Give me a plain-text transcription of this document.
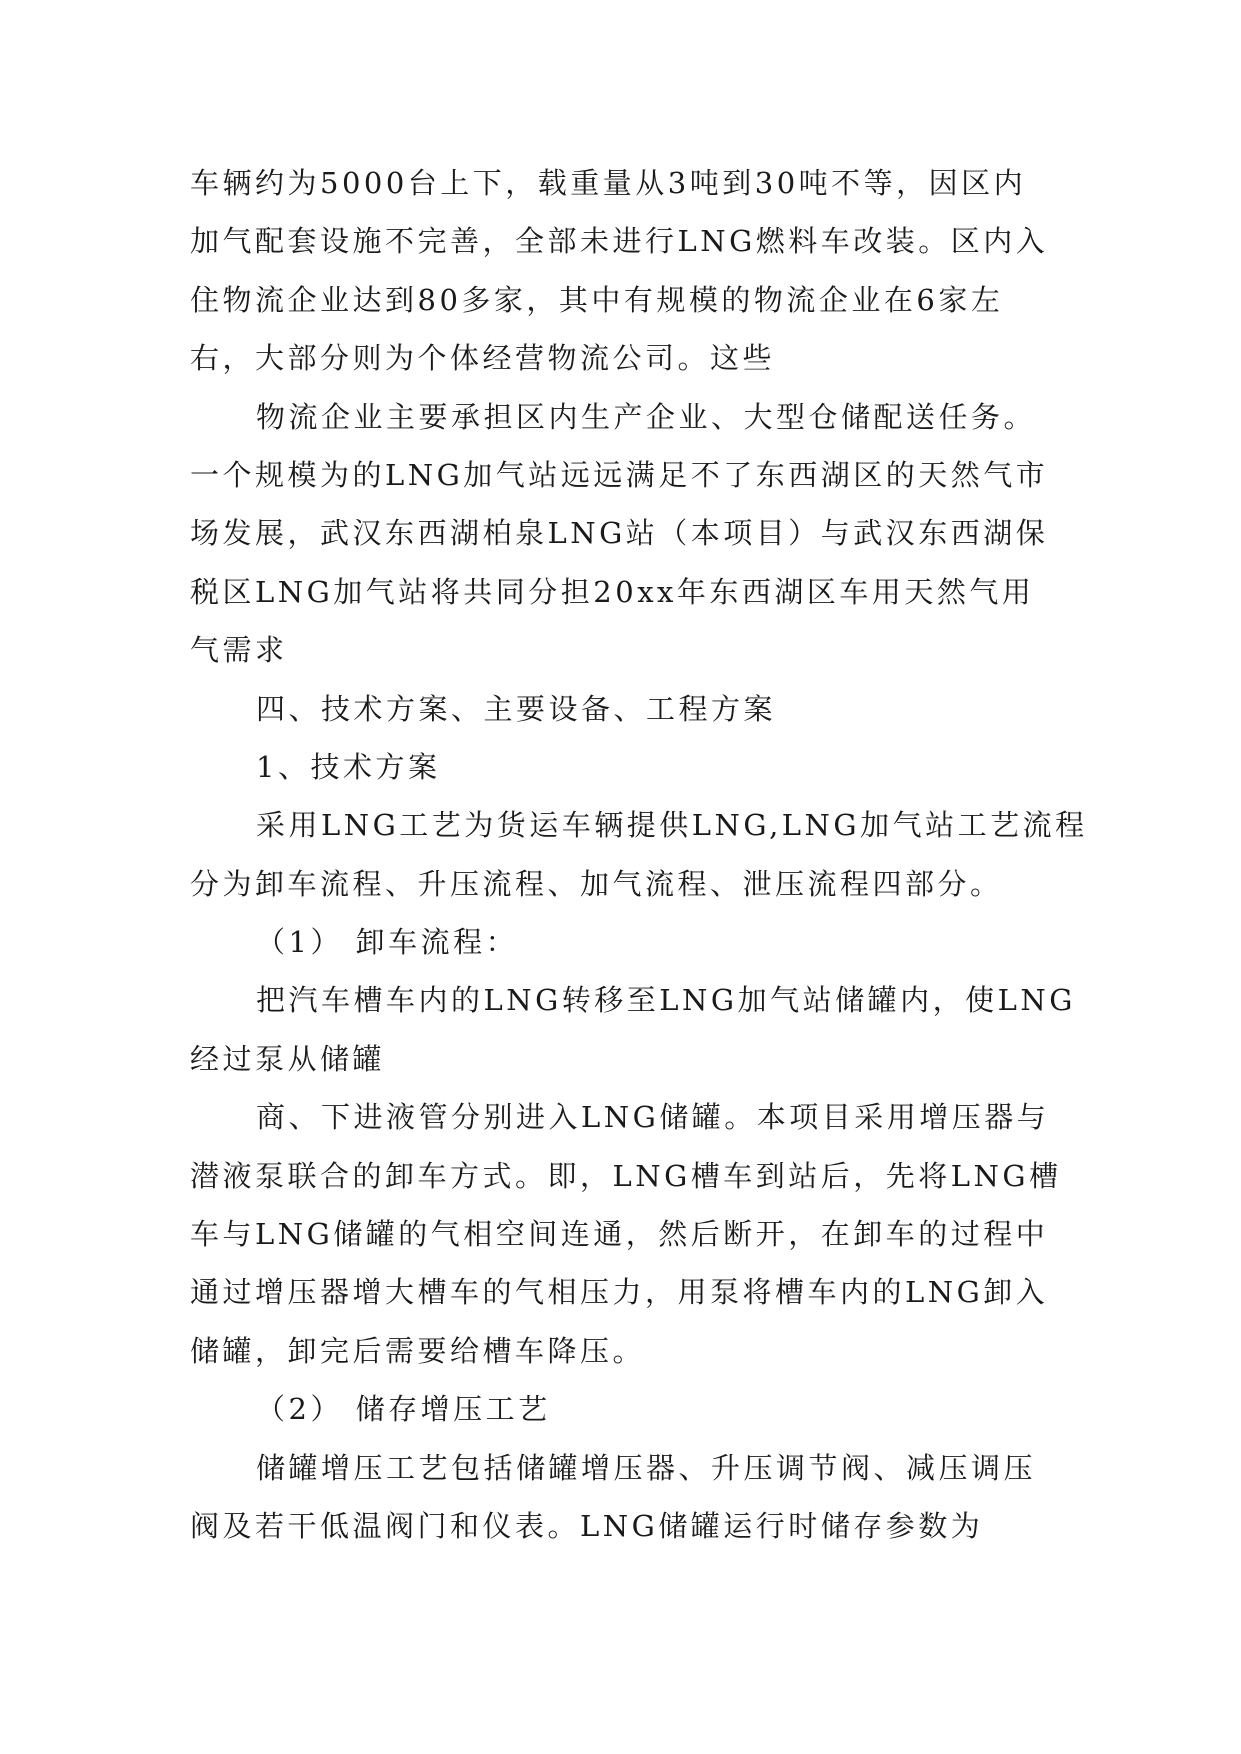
车辆约为5000台上下，载重量从3吨到30吨不等，因区内
加气配套设施不完善，全部未进行LNG燃料车改装。区内入
住物流企业达到80多家，其中有规模的物流企业在6家左
右，大部分则为个体经营物流公司。这些
物流企业主要承担区内生产企业、大型仓储配送任务。
一个规模为的LNG加气站远远满足不了东西湖区的天然气市
场发展，武汉东西湖柏泉LNG站（本项目）与武汉东西湖保
税区LNG加气站将共同分担20xx年东西湖区车用天然气用
气需求
四、技术方案、主要设备、工程方案
1、技术方案
采用LNG工艺为货运车辆提供LNG,LNG加气站工艺流程
分为卸车流程、升压流程、加气流程、泄压流程四部分。
（1） 卸车流程：
把汽车槽车内的LNG转移至LNG加气站储罐内，使LNG
经过泵从储罐
商、下进液管分别进入LNG储罐。本项目采用增压器与
潜液泵联合的卸车方式。即，LNG槽车到站后，先将LNG槽
车与LNG储罐的气相空间连通，然后断开，在卸车的过程中
通过增压器增大槽车的气相压力，用泵将槽车内的LNG卸入
储罐，卸完后需要给槽车降压。
（2） 储存增压工艺
储罐增压工艺包括储罐增压器、升压调节阀、减压调压
阀及若干低温阀门和仪表。LNG储罐运行时储存参数为
